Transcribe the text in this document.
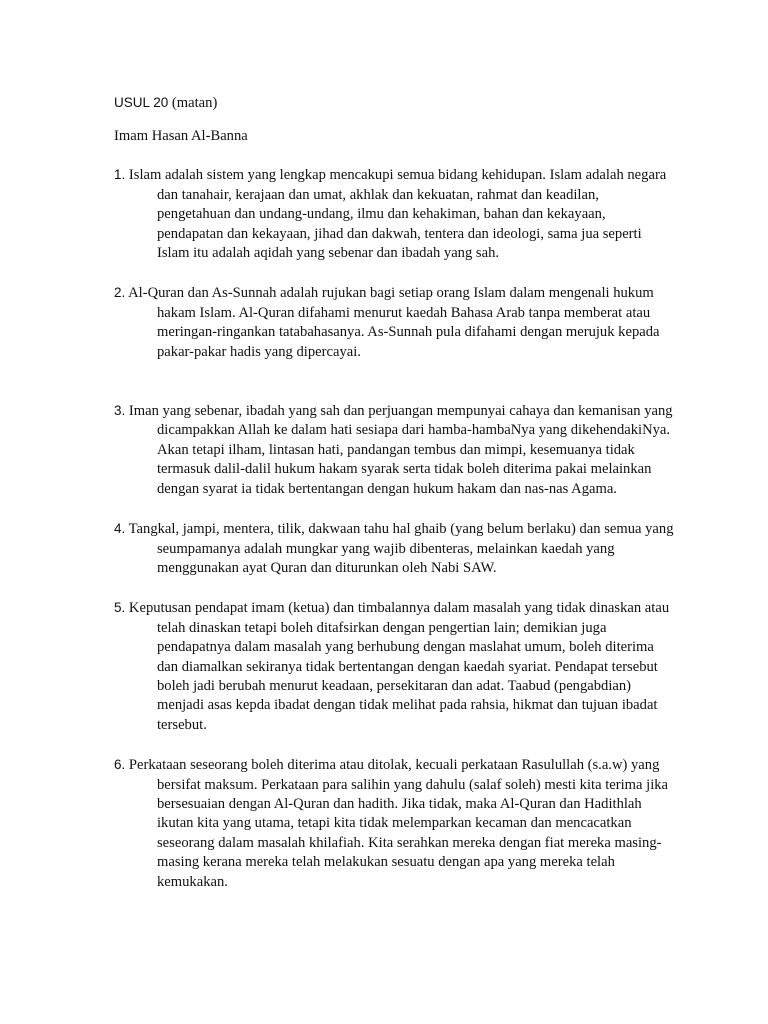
USUL 20 (matan)

Imam Hasan Al-Banna

1. Islam adalah sistem yang lengkap mencakupi semua bidang kehidupan. Islam adalah negara dan tanahair, kerajaan dan umat, akhlak dan kekuatan, rahmat dan keadilan, pengetahuan dan undang-undang, ilmu dan kehakiman, bahan dan kekayaan, pendapatan dan kekayaan, jihad dan dakwah, tentera dan ideologi, sama jua seperti Islam itu adalah aqidah yang sebenar dan ibadah yang sah.

2. Al-Quran dan As-Sunnah adalah rujukan bagi setiap orang Islam dalam mengenali hukum hakam Islam. Al-Quran difahami menurut kaedah Bahasa Arab tanpa memberat atau meringan-ringankan tatabahasanya. As-Sunnah pula difahami dengan merujuk kepada pakar-pakar hadis yang dipercayai.

3. Iman yang sebenar, ibadah yang sah dan perjuangan mempunyai cahaya dan kemanisan yang dicampakkan Allah ke dalam hati sesiapa dari hamba-hambaNya yang dikehendakiNya. Akan tetapi ilham, lintasan hati, pandangan tembus dan mimpi, kesemuanya tidak termasuk dalil-dalil hukum hakam syarak serta tidak boleh diterima pakai melainkan dengan syarat ia tidak bertentangan dengan hukum hakam dan nas-nas Agama.

4. Tangkal, jampi, mentera, tilik, dakwaan tahu hal ghaib (yang belum berlaku) dan semua yang seumpamanya adalah mungkar yang wajib dibenteras, melainkan kaedah yang menggunakan ayat Quran dan diturunkan oleh Nabi SAW.

5. Keputusan pendapat imam (ketua) dan timbalannya dalam masalah yang tidak dinaskan atau telah dinaskan tetapi boleh ditafsirkan dengan pengertian lain; demikian juga pendapatnya dalam masalah yang berhubung dengan maslahat umum, boleh diterima dan diamalkan sekiranya tidak bertentangan dengan kaedah syariat. Pendapat tersebut boleh jadi berubah menurut keadaan, persekitaran dan adat. Taabud (pengabdian) menjadi asas kepda ibadat dengan tidak melihat pada rahsia, hikmat dan tujuan ibadat tersebut.

6. Perkataan seseorang boleh diterima atau ditolak, kecuali perkataan Rasulullah (s.a.w) yang bersifat maksum. Perkataan para salihin yang dahulu (salaf soleh) mesti kita terima jika bersesuaian dengan Al-Quran dan hadith. Jika tidak, maka Al-Quran dan Hadithlah ikutan kita yang utama, tetapi kita tidak melemparkan kecaman dan mencacatkan seseorang dalam masalah khilafiah. Kita serahkan mereka dengan fiat mereka masing-masing kerana mereka telah melakukan sesuatu dengan apa yang mereka telah kemukakan.
